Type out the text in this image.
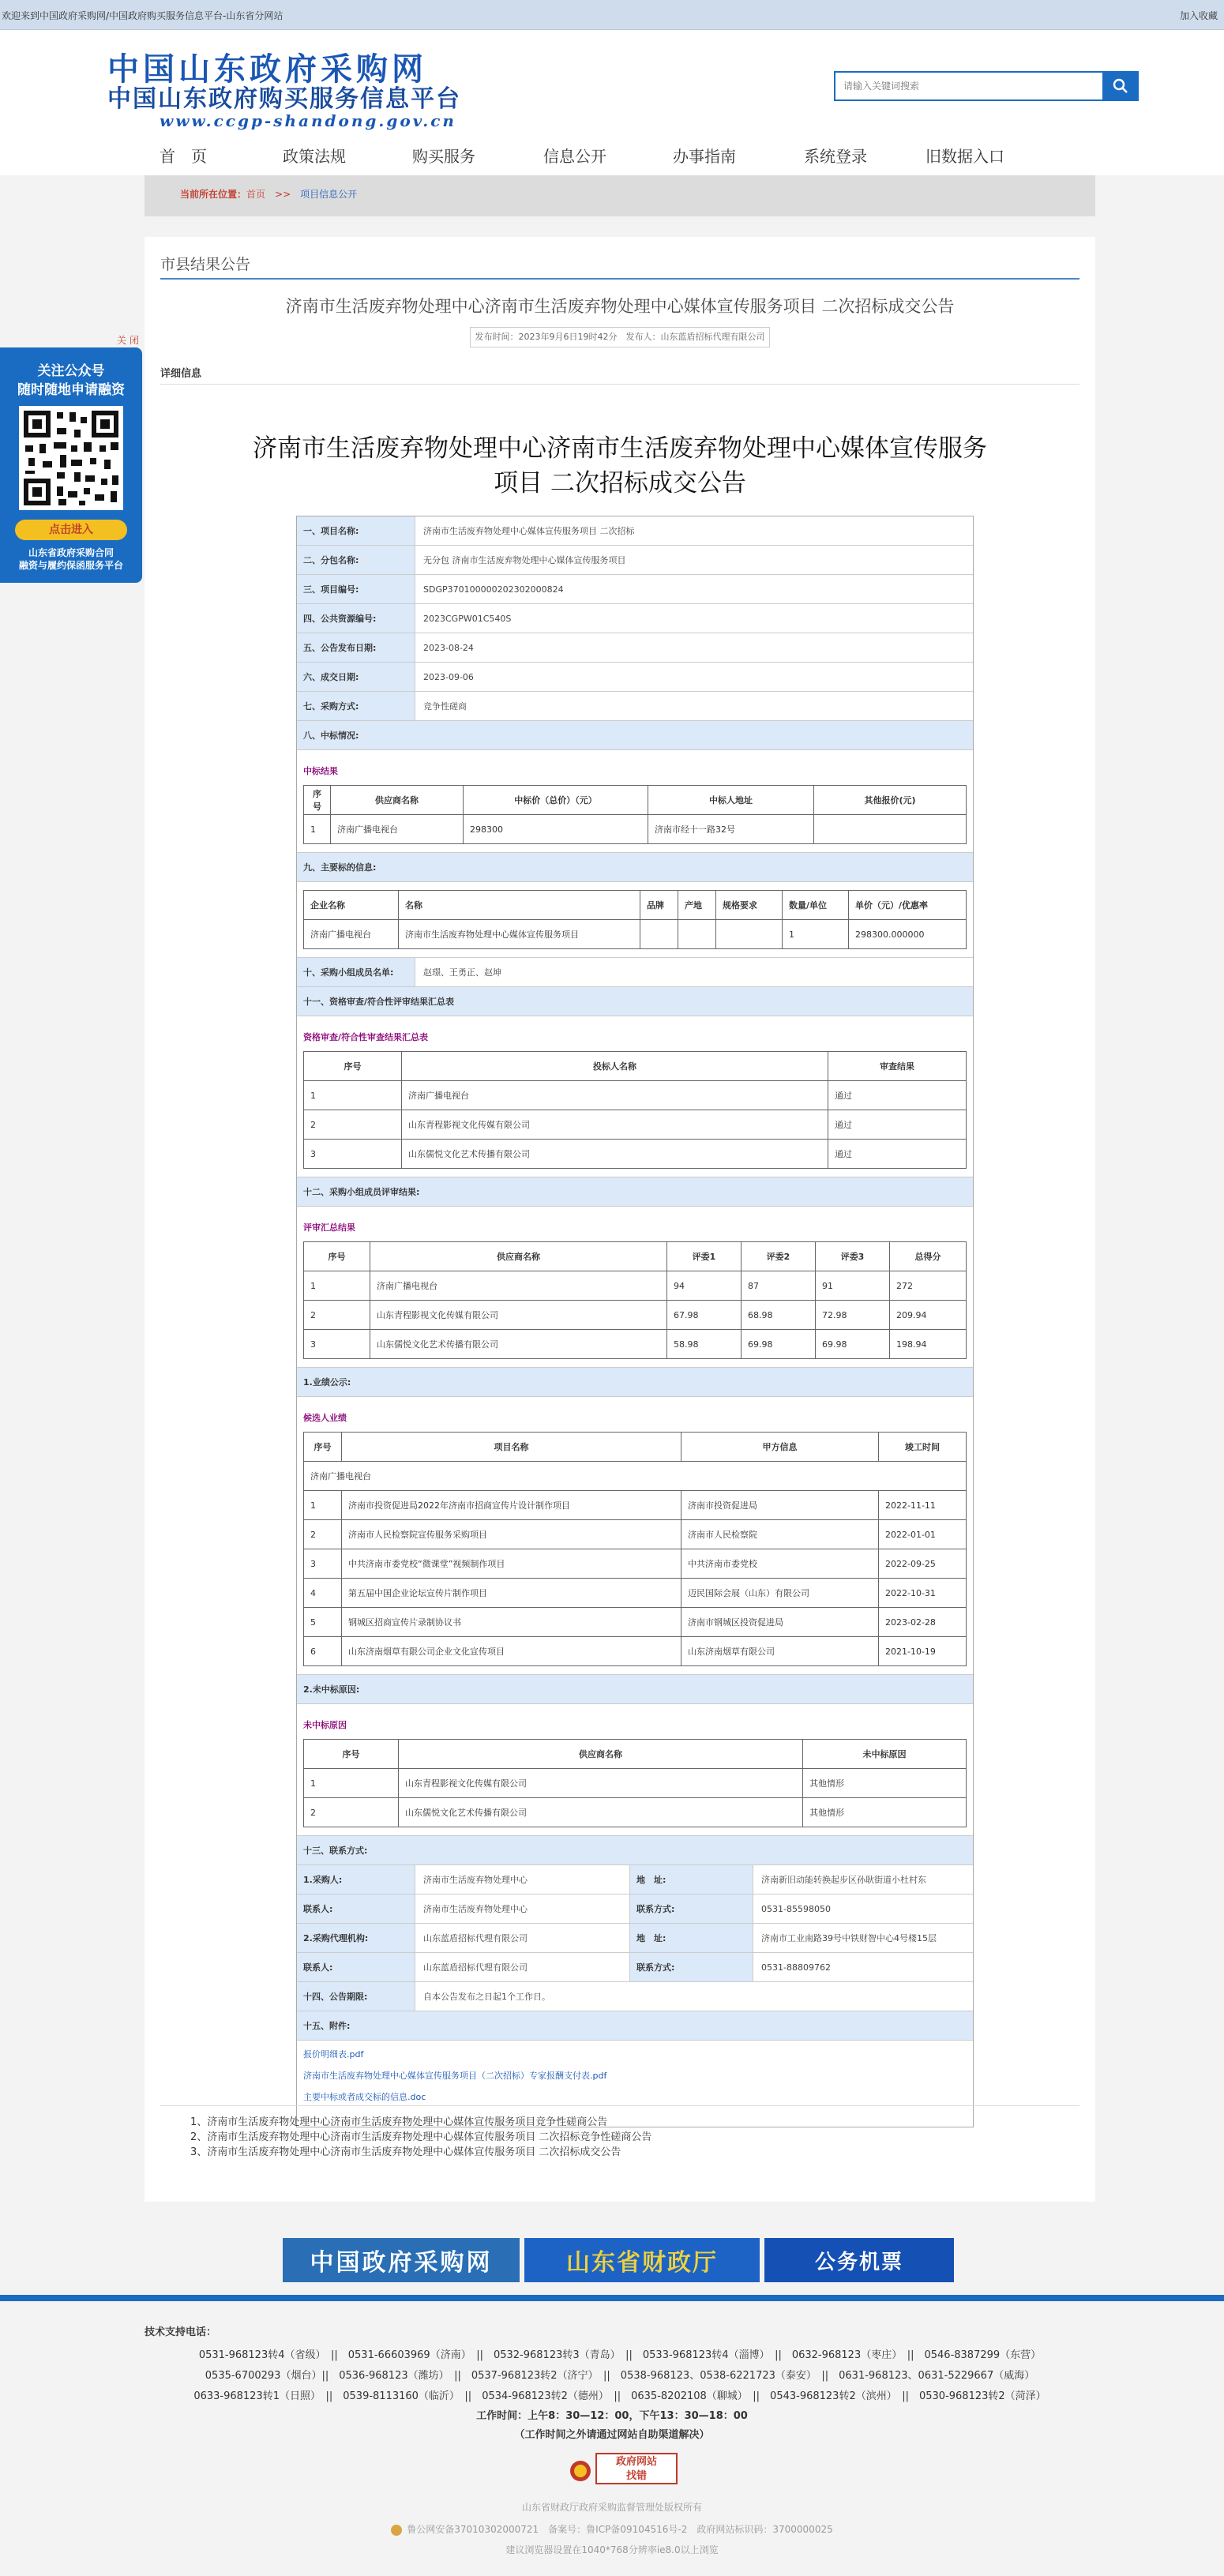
欢迎来到中国政府采购网/中国政府购买服务信息平台-山东省分网站	加入收藏
中国山东政府采购网
中国山东政府购买服务信息平台
www.ccgp-shandong.gov.cn
请输入关键词搜索
首　页	政策法规	购买服务	信息公开	办事指南	系统登录	旧数据入口
当前所在位置：首页 >> 项目信息公开
市县结果公告
济南市生活废弃物处理中心济南市生活废弃物处理中心媒体宣传服务项目 二次招标成交公告
发布时间：2023年9月6日19时42分　发布人：山东蓝盾招标代理有限公司
详细信息
济南市生活废弃物处理中心济南市生活废弃物处理中心媒体宣传服务项目 二次招标成交公告
一、项目名称:	济南市生活废弃物处理中心媒体宣传服务项目 二次招标
二、分包名称:	无分包 济南市生活废弃物处理中心媒体宣传服务项目
三、项目编号:	SDGP370100000202302000824
四、公共资源编号:	2023CGPW01C540S
五、公告发布日期:	2023-08-24
六、成交日期:	2023-09-06
七、采购方式:	竞争性磋商
八、中标情况:
中标结果
序号	供应商名称	中标价（总价）（元）	中标人地址	其他报价(元)
1	济南广播电视台	298300	济南市经十一路32号	
九、主要标的信息:
企业名称	名称	品牌	产地	规格要求	数量/单位	单价（元）/优惠率
济南广播电视台	济南市生活废弃物处理中心媒体宣传服务项目				1	298300.000000
十、采购小组成员名单:	赵璟、王勇正、赵坤
十一、资格审查/符合性评审结果汇总表
资格审查/符合性审查结果汇总表
序号	投标人名称	审查结果
1	济南广播电视台	通过
2	山东青程影视文化传媒有限公司	通过
3	山东儒悦文化艺术传播有限公司	通过
十二、采购小组成员评审结果:
评审汇总结果
序号	供应商名称	评委1	评委2	评委3	总得分
1	济南广播电视台	94	87	91	272
2	山东青程影视文化传媒有限公司	67.98	68.98	72.98	209.94
3	山东儒悦文化艺术传播有限公司	58.98	69.98	69.98	198.94
1.业绩公示:
候选人业绩
序号	项目名称	甲方信息	竣工时间
济南广播电视台			
1	济南市投资促进局2022年济南市招商宣传片设计制作项目	济南市投资促进局	2022-11-11
2	济南市人民检察院宣传服务采购项目	济南市人民检察院	2022-01-01
3	中共济南市委党校“微课堂”视频制作项目	中共济南市委党校	2022-09-25
4	第五届中国企业论坛宣传片制作项目	迈民国际会展（山东）有限公司	2022-10-31
5	钢城区招商宣传片录制协议书	济南市钢城区投资促进局	2023-02-28
6	山东济南烟草有限公司企业文化宣传项目	山东济南烟草有限公司	2021-10-19
2.未中标原因:
未中标原因
序号	供应商名称	未中标原因
1	山东青程影视文化传媒有限公司	其他情形
2	山东儒悦文化艺术传播有限公司	其他情形
十三、联系方式:
1.采购人:	济南市生活废弃物处理中心	地　址:	济南新旧动能转换起步区孙耿街道小杜村东
联系人:	济南市生活废弃物处理中心	联系方式:	0531-85598050
2.采购代理机构:	山东蓝盾招标代理有限公司	地　址:	济南市工业南路39号中铁财智中心4号楼15层
联系人:	山东蓝盾招标代理有限公司	联系方式:	0531-88809762
十四、公告期限:	自本公告发布之日起1个工作日。
十五、附件:
报价明细表.pdf
济南市生活废弃物处理中心媒体宣传服务项目（二次招标）专家报酬支付表.pdf
主要中标或者成交标的信息.doc
1、济南市生活废弃物处理中心济南市生活废弃物处理中心媒体宣传服务项目竞争性磋商公告
2、济南市生活废弃物处理中心济南市生活废弃物处理中心媒体宣传服务项目 二次招标竞争性磋商公告
3、济南市生活废弃物处理中心济南市生活废弃物处理中心媒体宣传服务项目 二次招标成交公告
关 闭
关注公众号
随时随地申请融资
点击进入
山东省政府采购合同
融资与履约保函服务平台
中国政府采购网	山东省财政厅	公务机票
技术支持电话：
0531-968123转4（省级）　||　0531-66603969（济南）　||　0532-968123转3（青岛）　||　0533-968123转4（淄博）　||　0632-968123（枣庄）　||　0546-8387299（东营）
0535-6700293（烟台）||　0536-968123（潍坊）　||　0537-968123转2（济宁）　||　0538-968123、0538-6221723（泰安）　||　0631-968123、0631-5229667（威海）
0633-968123转1（日照）　||　0539-8113160（临沂）　||　0534-968123转2（德州）　||　0635-8202108（聊城）　||　0543-968123转2（滨州）　||　0530-968123转2（菏泽）
工作时间：上午8：30—12：00，下午13：30—18：00
（工作时间之外请通过网站自助渠道解决）
政府网站
找错
山东省财政厅政府采购监督管理处版权所有
鲁公网安备37010302000721　 备案号：鲁ICP备09104516号-2　政府网站标识码：3700000025
建议浏览器设置在1040*768分辨率ie8.0以上浏览
